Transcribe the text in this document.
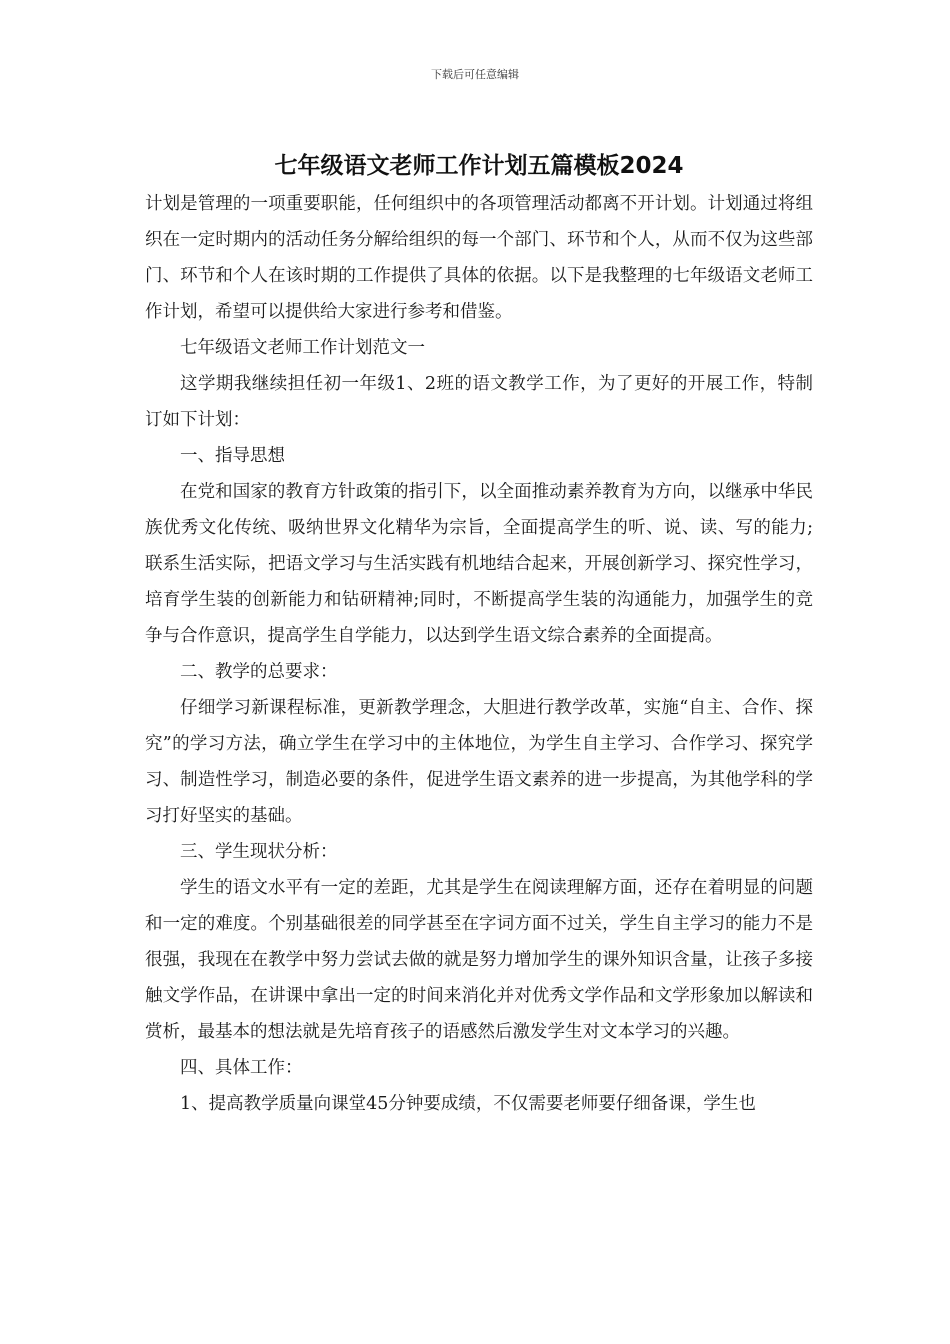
下载后可任意编辑
七年级语文老师工作计划五篇模板2024

计划是管理的一项重要职能，任何组织中的各项管理活动都离不开计划。计划通过将组织在一定时期内的活动任务分解给组织的每一个部门、环节和个人，从而不仅为这些部门、环节和个人在该时期的工作提供了具体的依据。以下是我整理的七年级语文老师工作计划，希望可以提供给大家进行参考和借鉴。

七年级语文老师工作计划范文一

这学期我继续担任初一年级1、2班的语文教学工作，为了更好的开展工作，特制订如下计划：

一、指导思想

在党和国家的教育方针政策的指引下，以全面推动素养教育为方向，以继承中华民族优秀文化传统、吸纳世界文化精华为宗旨，全面提高学生的听、说、读、写的能力;联系生活实际，把语文学习与生活实践有机地结合起来，开展创新学习、探究性学习，培育学生装的创新能力和钻研精神;同时，不断提高学生装的沟通能力，加强学生的竞争与合作意识，提高学生自学能力，以达到学生语文综合素养的全面提高。

二、教学的总要求：

仔细学习新课程标准，更新教学理念，大胆进行教学改革，实施“自主、合作、探究”的学习方法，确立学生在学习中的主体地位，为学生自主学习、合作学习、探究学习、制造性学习，制造必要的条件，促进学生语文素养的进一步提高，为其他学科的学习打好坚实的基础。

三、学生现状分析：

学生的语文水平有一定的差距，尤其是学生在阅读理解方面，还存在着明显的问题和一定的难度。个别基础很差的同学甚至在字词方面不过关，学生自主学习的能力不是很强，我现在在教学中努力尝试去做的就是努力增加学生的课外知识含量，让孩子多接触文学作品，在讲课中拿出一定的时间来消化并对优秀文学作品和文学形象加以解读和赏析，最基本的想法就是先培育孩子的语感然后激发学生对文本学习的兴趣。

四、具体工作：

1、提高教学质量向课堂45分钟要成绩，不仅需要老师要仔细备课，学生也
